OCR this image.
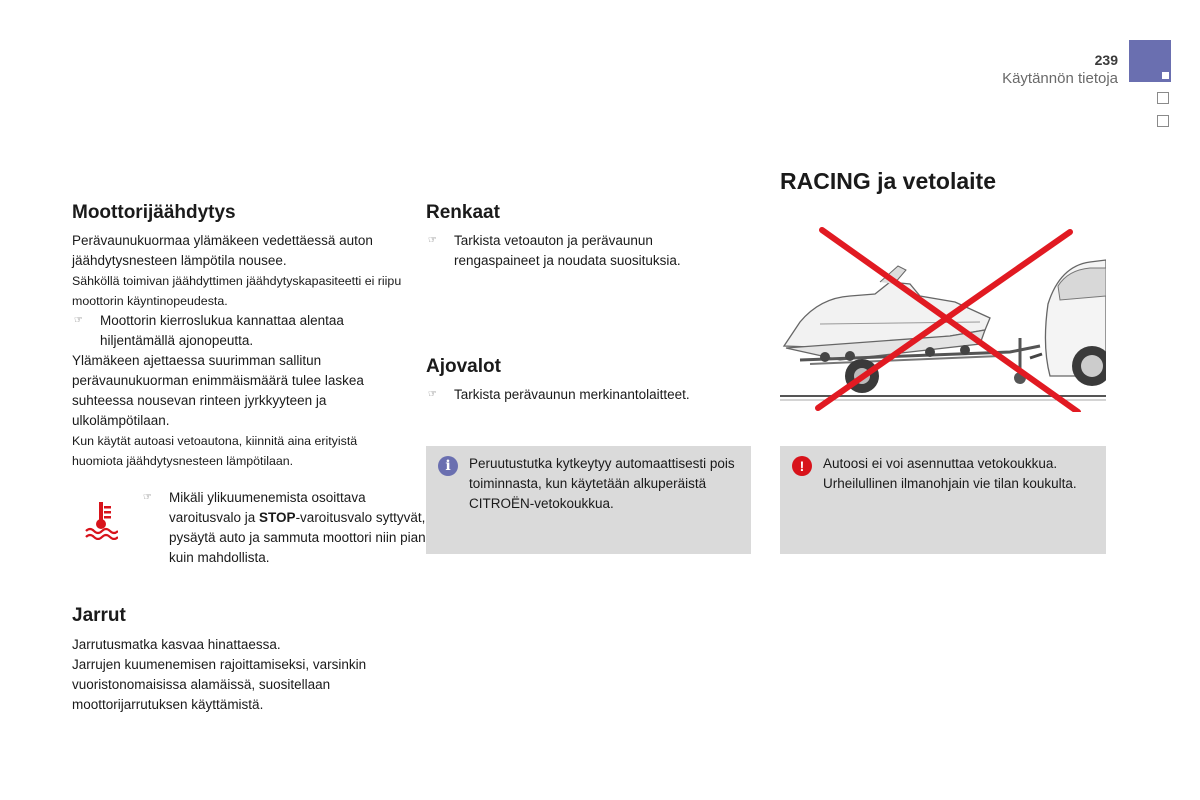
239
Käytännön tietoja
Moottorijäähdytys

Perävaunukuormaa ylämäkeen vedettäessä auton jäähdytysnesteen lämpötila nousee.

Sähköllä toimivan jäähdyttimen jäähdytyskapasiteetti ei riipu moottorin käyntinopeudesta.

☞ Moottorin kierroslukua kannattaa alentaa hiljentämällä ajonopeutta.

Ylämäkeen ajettaessa suurimman sallitun perävaunukuorman enimmäismäärä tulee laskea suhteessa nousevan rinteen jyrkkyyteen ja ulkolämpötilaan.

Kun käytät autoasi vetoautona, kiinnitä aina erityistä huomiota jäähdytysnesteen lämpötilaan.

☞ Mikäli ylikuumenemista osoittava varoitusvalo ja STOP-varoitusvalo syttyvät, pysäytä auto ja sammuta moottori niin pian kuin mahdollista.
Jarrut

Jarrutusmatka kasvaa hinattaessa.

Jarrujen kuumenemisen rajoittamiseksi, varsinkin vuoristonomaisissa alamäissä, suositellaan moottorijarrutuksen käyttämistä.

Renkaat
☞ Tarkista vetoauton ja perävaunun rengaspaineet ja noudata suosituksia.
Ajovalot
☞ Tarkista perävaunun merkinantolaitteet.
i	Peruutustutka kytkeytyy automaattisesti pois toiminnasta, kun käytetään alkuperäistä CITROËN-vetokoukkua.
RACING ja vetolaite
!	Autoosi ei voi asennuttaa vetokoukkua. Urheilullinen ilmanohjain vie tilan koukulta.
